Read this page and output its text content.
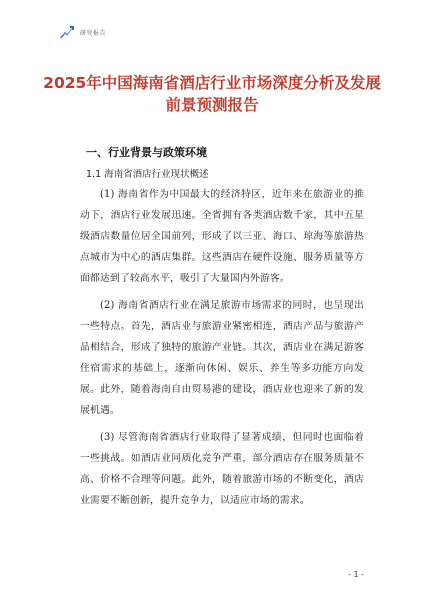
研究报告
2025年中国海南省酒店行业市场深度分析及发展前景预测报告
一、行业背景与政策环境
1.1 海南省酒店行业现状概述

(1) 海南省作为中国最大的经济特区，近年来在旅游业的推动下，酒店行业发展迅速。全省拥有各类酒店数千家，其中五星级酒店数量位居全国前列，形成了以三亚、海口、琼海等旅游热点城市为中心的酒店集群。这些酒店在硬件设施、服务质量等方面都达到了较高水平，吸引了大量国内外游客。

(2) 海南省酒店行业在满足旅游市场需求的同时，也呈现出一些特点。首先，酒店业与旅游业紧密相连，酒店产品与旅游产品相结合，形成了独特的旅游产业链。其次，酒店业在满足游客住宿需求的基础上，逐渐向休闲、娱乐、养生等多功能方向发展。此外，随着海南自由贸易港的建设，酒店业也迎来了新的发展机遇。

(3) 尽管海南省酒店行业取得了显著成绩，但同时也面临着一些挑战。如酒店业同质化竞争严重，部分酒店存在服务质量不高、价格不合理等问题。此外，随着旅游市场的不断变化，酒店业需要不断创新，提升竞争力，以适应市场的需求。

- 1 -
